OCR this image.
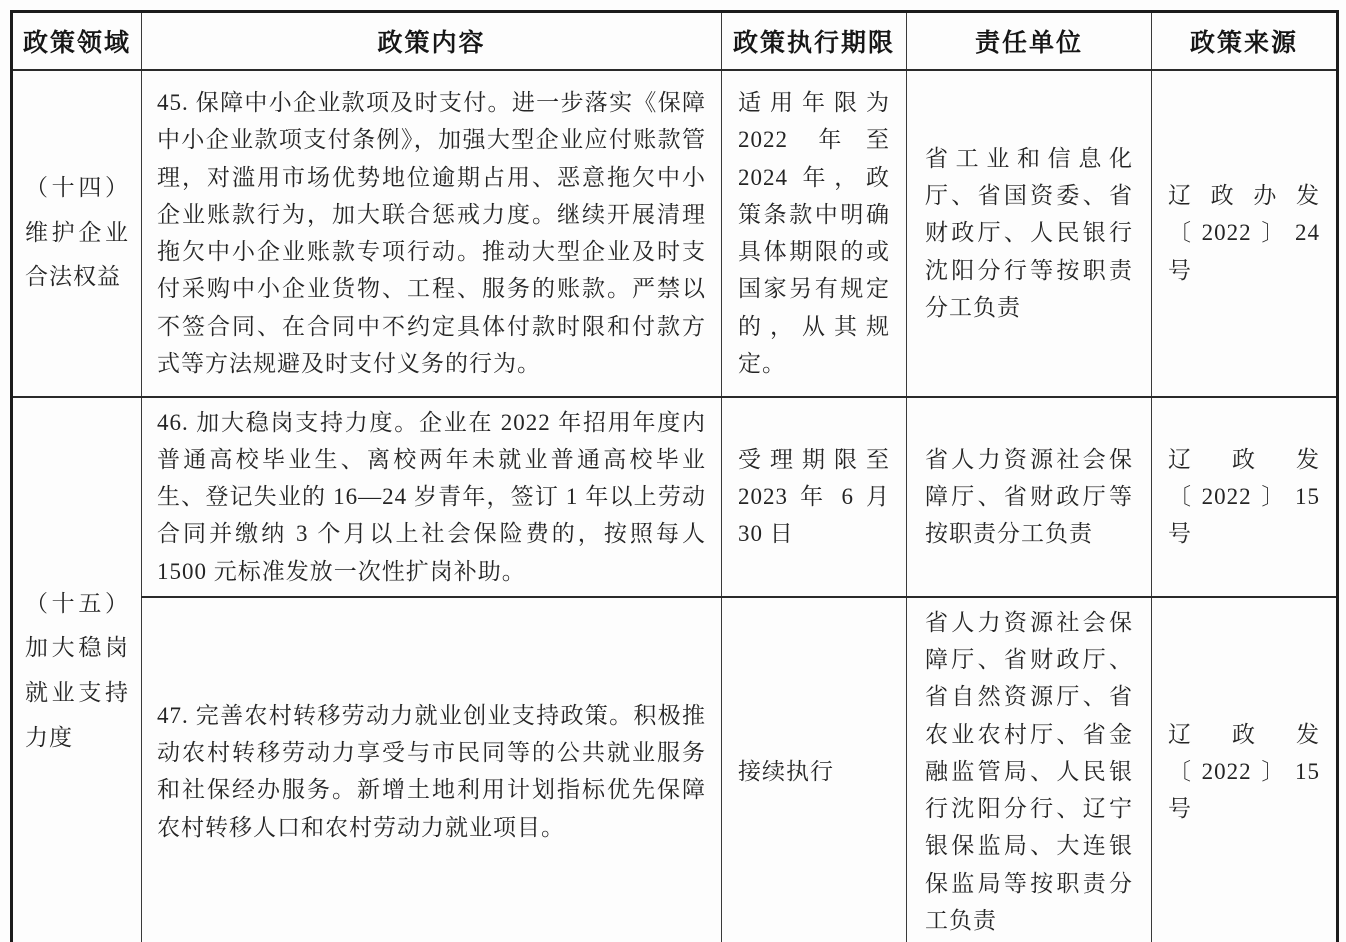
政策领域	政策内容	政策执行期限	责任单位	政策来源
（十四） 维护企业合法权益	45. 保障中小企业款项及时支付。进一步落实《保障中小企业款项支付条例》，加强大型企业应付账款管理，对滥用市场优势地位逾期占用、恶意拖欠中小企业账款行为，加大联合惩戒力度。继续开展清理拖欠中小企业账款专项行动。推动大型企业及时支付采购中小企业货物、工程、服务的账款。严禁以不签合同、在合同中不约定具体付款时限和付款方式等方法规避及时支付义务的行为。	适用年限为 2022 年至 2024 年，政策条款中明确具体期限的或国家另有规定的，从其规定。	省工业和信息化厅、省国资委、省财政厅、人民银行沈阳分行等按职责分工负责	辽政办发〔2022〕24 号
（十五） 加大稳岗就业支持力度	46. 加大稳岗支持力度。企业在 2022 年招用年度内普通高校毕业生、离校两年未就业普通高校毕业生、登记失业的 16—24 岁青年，签订 1 年以上劳动合同并缴纳 3 个月以上社会保险费的，按照每人 1500 元标准发放一次性扩岗补助。	受理期限至 2023 年 6 月 30 日	省人力资源社会保障厅、省财政厅等按职责分工负责	辽政发〔2022〕15 号
	47. 完善农村转移劳动力就业创业支持政策。积极推动农村转移劳动力享受与市民同等的公共就业服务和社保经办服务。新增土地利用计划指标优先保障农村转移人口和农村劳动力就业项目。	接续执行	省人力资源社会保障厅、省财政厅、省自然资源厅、省农业农村厅、省金融监管局、人民银行沈阳分行、辽宁银保监局、大连银保监局等按职责分工负责	辽政发〔2022〕15 号
